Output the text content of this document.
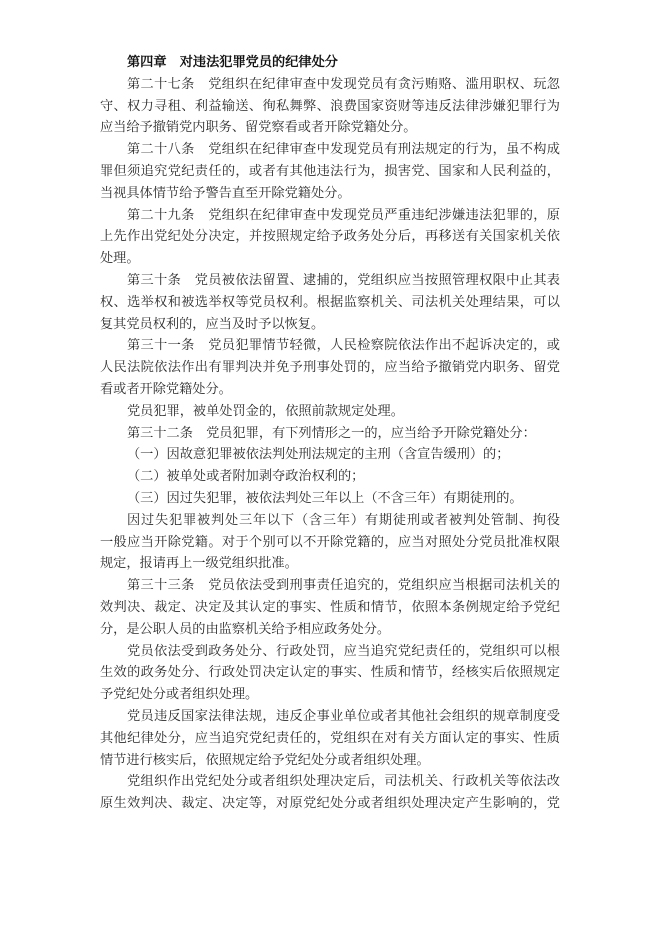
第四章　对违法犯罪党员的纪律处分
第二十七条　党组织在纪律审查中发现党员有贪污贿赂、滥用职权、玩忽
守、权力寻租、利益输送、徇私舞弊、浪费国家资财等违反法律涉嫌犯罪行为
应当给予撤销党内职务、留党察看或者开除党籍处分。
第二十八条　党组织在纪律审查中发现党员有刑法规定的行为，虽不构成
罪但须追究党纪责任的，或者有其他违法行为，损害党、国家和人民利益的，
当视具体情节给予警告直至开除党籍处分。
第二十九条　党组织在纪律审查中发现党员严重违纪涉嫌违法犯罪的，原
上先作出党纪处分决定，并按照规定给予政务处分后，再移送有关国家机关依
处理。
第三十条　党员被依法留置、逮捕的，党组织应当按照管理权限中止其表
权、选举权和被选举权等党员权利。根据监察机关、司法机关处理结果，可以
复其党员权利的，应当及时予以恢复。
第三十一条　党员犯罪情节轻微，人民检察院依法作出不起诉决定的，或
人民法院依法作出有罪判决并免予刑事处罚的，应当给予撤销党内职务、留党
看或者开除党籍处分。
党员犯罪，被单处罚金的，依照前款规定处理。
第三十二条　党员犯罪，有下列情形之一的，应当给予开除党籍处分：
（一）因故意犯罪被依法判处刑法规定的主刑（含宣告缓刑）的；
（二）被单处或者附加剥夺政治权利的；
（三）因过失犯罪，被依法判处三年以上（不含三年）有期徒刑的。
因过失犯罪被判处三年以下（含三年）有期徒刑或者被判处管制、拘役
一般应当开除党籍。对于个别可以不开除党籍的，应当对照处分党员批准权限
规定，报请再上一级党组织批准。
第三十三条　党员依法受到刑事责任追究的，党组织应当根据司法机关的
效判决、裁定、决定及其认定的事实、性质和情节，依照本条例规定给予党纪
分，是公职人员的由监察机关给予相应政务处分。
党员依法受到政务处分、行政处罚，应当追究党纪责任的，党组织可以根
生效的政务处分、行政处罚决定认定的事实、性质和情节，经核实后依照规定
予党纪处分或者组织处理。
党员违反国家法律法规，违反企事业单位或者其他社会组织的规章制度受
其他纪律处分，应当追究党纪责任的，党组织在对有关方面认定的事实、性质
情节进行核实后，依照规定给予党纪处分或者组织处理。
党组织作出党纪处分或者组织处理决定后，司法机关、行政机关等依法改
原生效判决、裁定、决定等，对原党纪处分或者组织处理决定产生影响的，党
